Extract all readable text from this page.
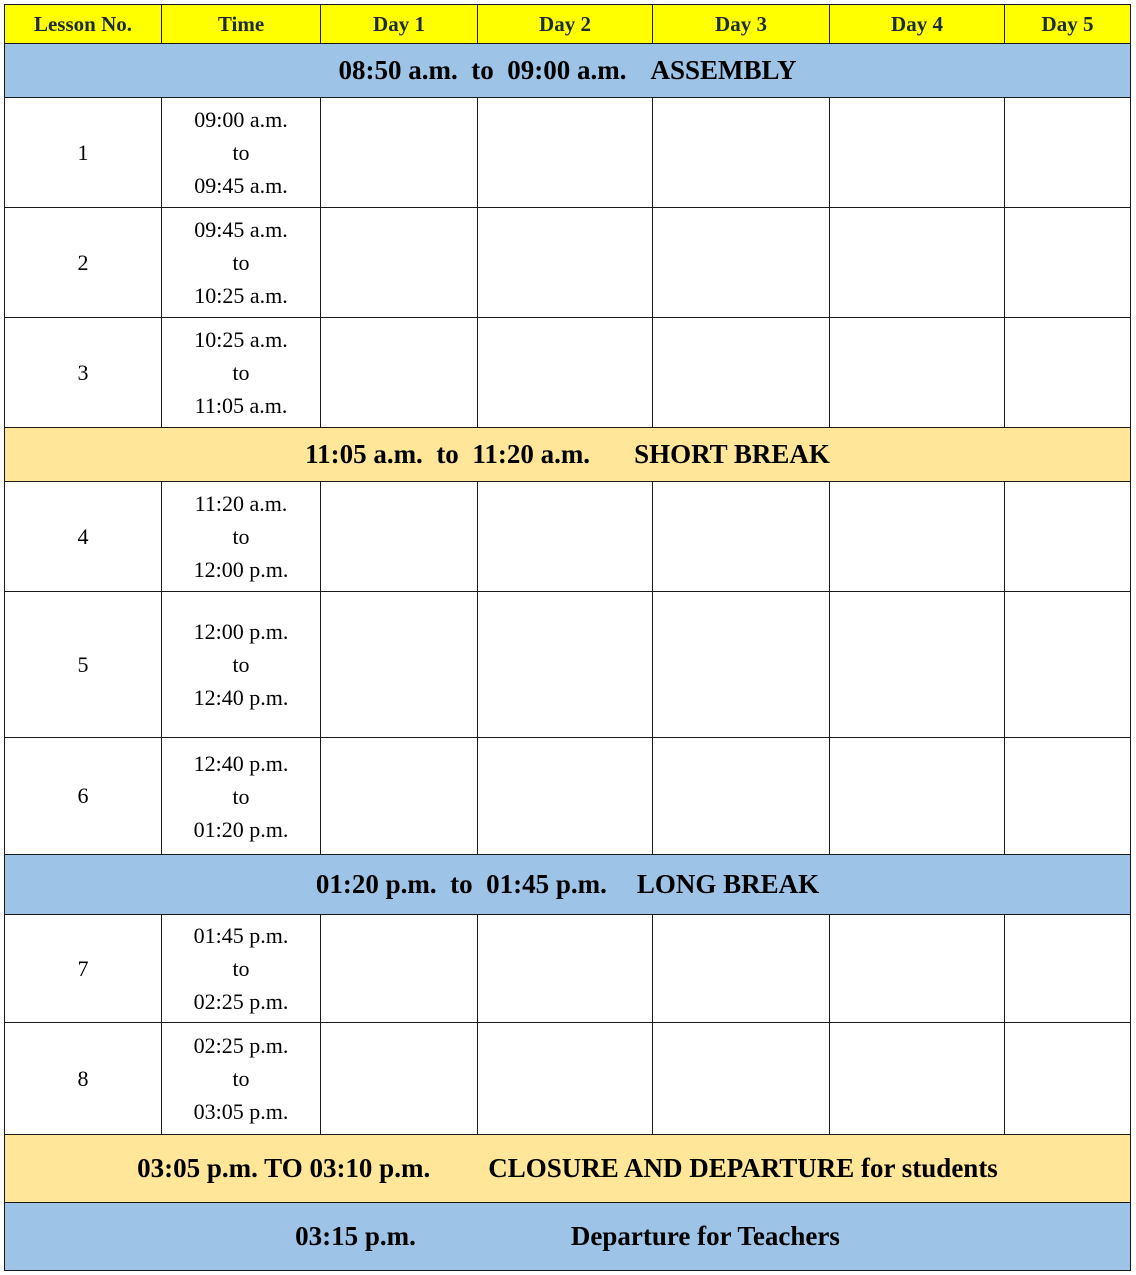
Lesson No.	Time	Day 1	Day 2	Day 3	Day 4	Day 5
08:50 a.m. to 09:00 a.m. ASSEMBLY						
1	09:00 a.m.
to
09:45 a.m.					

2	09:45 a.m.
to
10:25 a.m.					

3	10:25 a.m.
to
11:05 a.m.					

11:05 a.m. to 11:20 a.m. SHORT BREAK						
4	11:20 a.m.
to
12:00 p.m.					

5	12:00 p.m.
to
12:40 p.m.					

6	12:40 p.m.
to
01:20 p.m.					

01:20 p.m. to 01:45 p.m. LONG BREAK						
7	01:45 p.m.
to
02:25 p.m.					

8	02:25 p.m.
to
03:05 p.m.					

03:05 p.m. TO 03:10 p.m. CLOSURE AND DEPARTURE for students						
03:15 p.m. Departure for Teachers						
